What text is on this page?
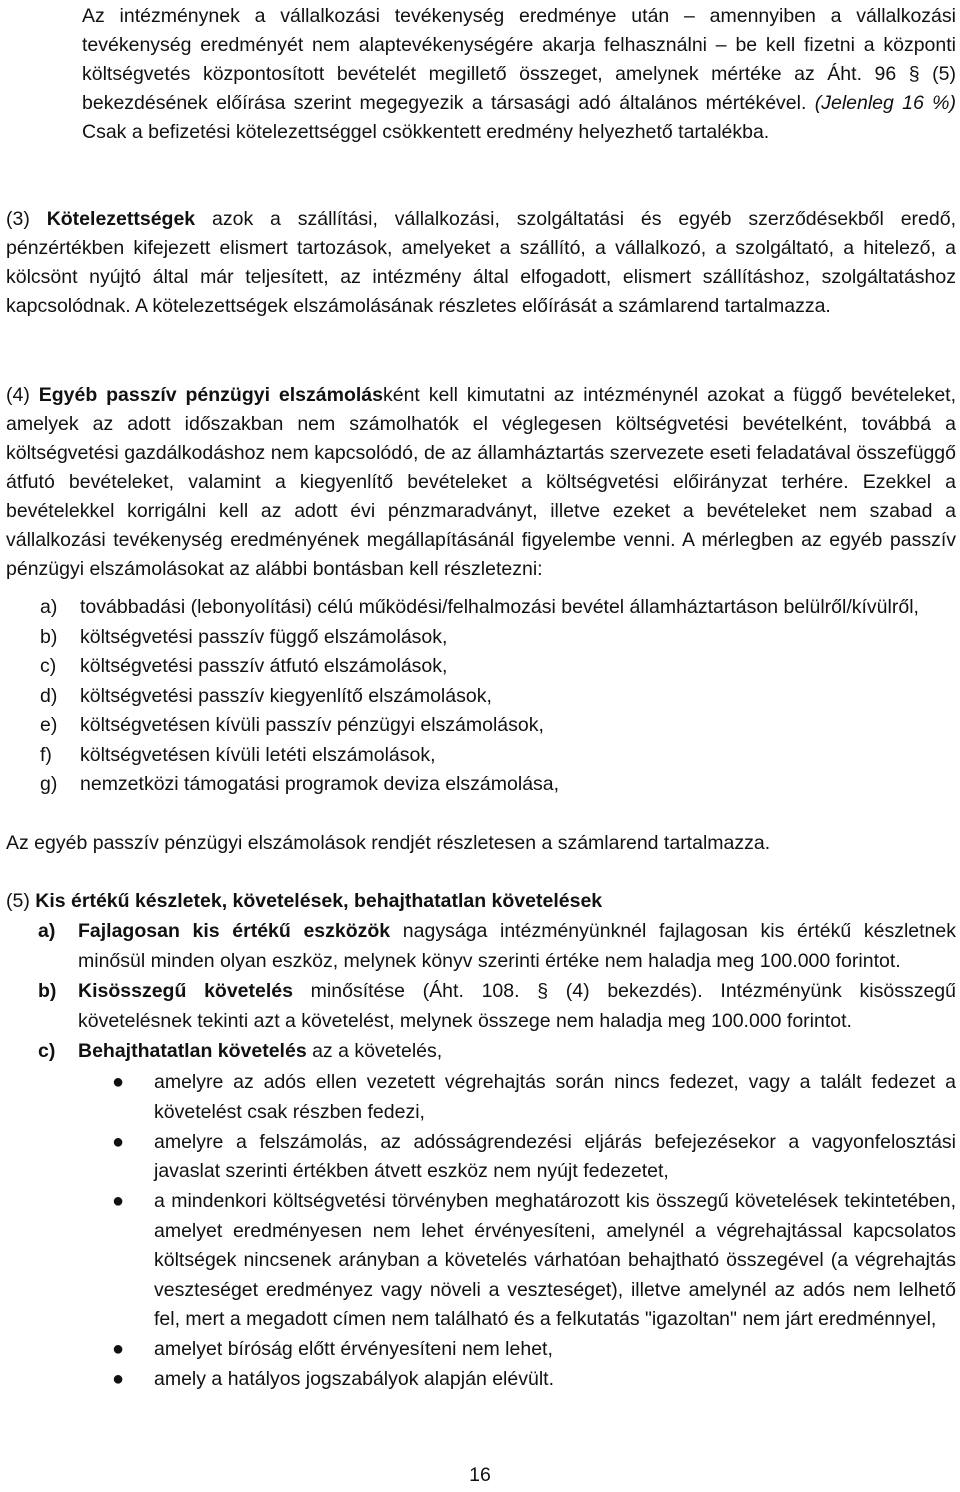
Az intézménynek a vállalkozási tevékenység eredménye után – amennyiben a vállalkozási tevékenység eredményét nem alaptevékenységére akarja felhasználni – be kell fizetni a központi költségvetés központosított bevételét megillető összeget, amelynek mértéke az Áht. 96 § (5) bekezdésének előírása szerint megegyezik a társasági adó általános mértékével. (Jelenleg 16 %) Csak a befizetési kötelezettséggel csökkentett eredmény helyezhető tartalékba.
(3) Kötelezettségek azok a szállítási, vállalkozási, szolgáltatási és egyéb szerződésekből eredő, pénzértékben kifejezett elismert tartozások, amelyeket a szállító, a vállalkozó, a szolgáltató, a hitelező, a kölcsönt nyújtó által már teljesített, az intézmény által elfogadott, elismert szállításhoz, szolgáltatáshoz kapcsolódnak. A kötelezettségek elszámolásának részletes előírását a számlarend tartalmazza.
(4) Egyéb passzív pénzügyi elszámolásként kell kimutatni az intézménynél azokat a függő bevételeket, amelyek az adott időszakban nem számolhatók el véglegesen költségvetési bevételként, továbbá a költségvetési gazdálkodáshoz nem kapcsolódó, de az államháztartás szervezete eseti feladatával összefüggő átfutó bevételeket, valamint a kiegyenlítő bevételeket a költségvetési előirányzat terhére. Ezekkel a bevételekkel korrigálni kell az adott évi pénzmaradványt, illetve ezeket a bevételeket nem szabad a vállalkozási tevékenység eredményének megállapításánál figyelembe venni. A mérlegben az egyéb passzív pénzügyi elszámolásokat az alábbi bontásban kell részletezni:
a)	továbbadási (lebonyolítási) célú működési/felhalmozási bevétel államháztartáson belülről/kívülről,
b)	költségvetési passzív függő elszámolások,
c)	költségvetési passzív átfutó elszámolások,
d)	költségvetési passzív kiegyenlítő elszámolások,
e)	költségvetésen kívüli passzív pénzügyi elszámolások,
f)	költségvetésen kívüli letéti elszámolások,
g)	nemzetközi támogatási programok deviza elszámolása,
Az egyéb passzív pénzügyi elszámolások rendjét részletesen a számlarend tartalmazza.
(5) Kis értékű készletek, követelések, behajthatatlan követelések
a)	Fajlagosan kis értékű eszközök nagysága intézményünknél fajlagosan kis értékű készletnek minősül minden olyan eszköz, melynek könyv szerinti értéke nem haladja meg 100.000 forintot.
b)	Kisösszegű követelés minősítése (Áht. 108. § (4) bekezdés). Intézményünk kisösszegű követelésnek tekinti azt a követelést, melynek összege nem haladja meg 100.000 forintot.
c)	Behajthatatlan követelés az a követelés,
●	amelyre az adós ellen vezetett végrehajtás során nincs fedezet, vagy a talált fedezet a követelést csak részben fedezi,
●	amelyre a felszámolás, az adósságrendezési eljárás befejezésekor a vagyonfelosztási javaslat szerinti értékben átvett eszköz nem nyújt fedezetet,
●	a mindenkori költségvetési törvényben meghatározott kis összegű követelések tekintetében, amelyet eredményesen nem lehet érvényesíteni, amelynél a végrehajtással kapcsolatos költségek nincsenek arányban a követelés várhatóan behajtható összegével (a végrehajtás veszteséget eredményez vagy növeli a veszteséget), illetve amelynél az adós nem lelhető fel, mert a megadott címen nem található és a felkutatás "igazoltan" nem járt eredménnyel,
●	amelyet bíróság előtt érvényesíteni nem lehet,
●	amely a hatályos jogszabályok alapján elévült.
16
